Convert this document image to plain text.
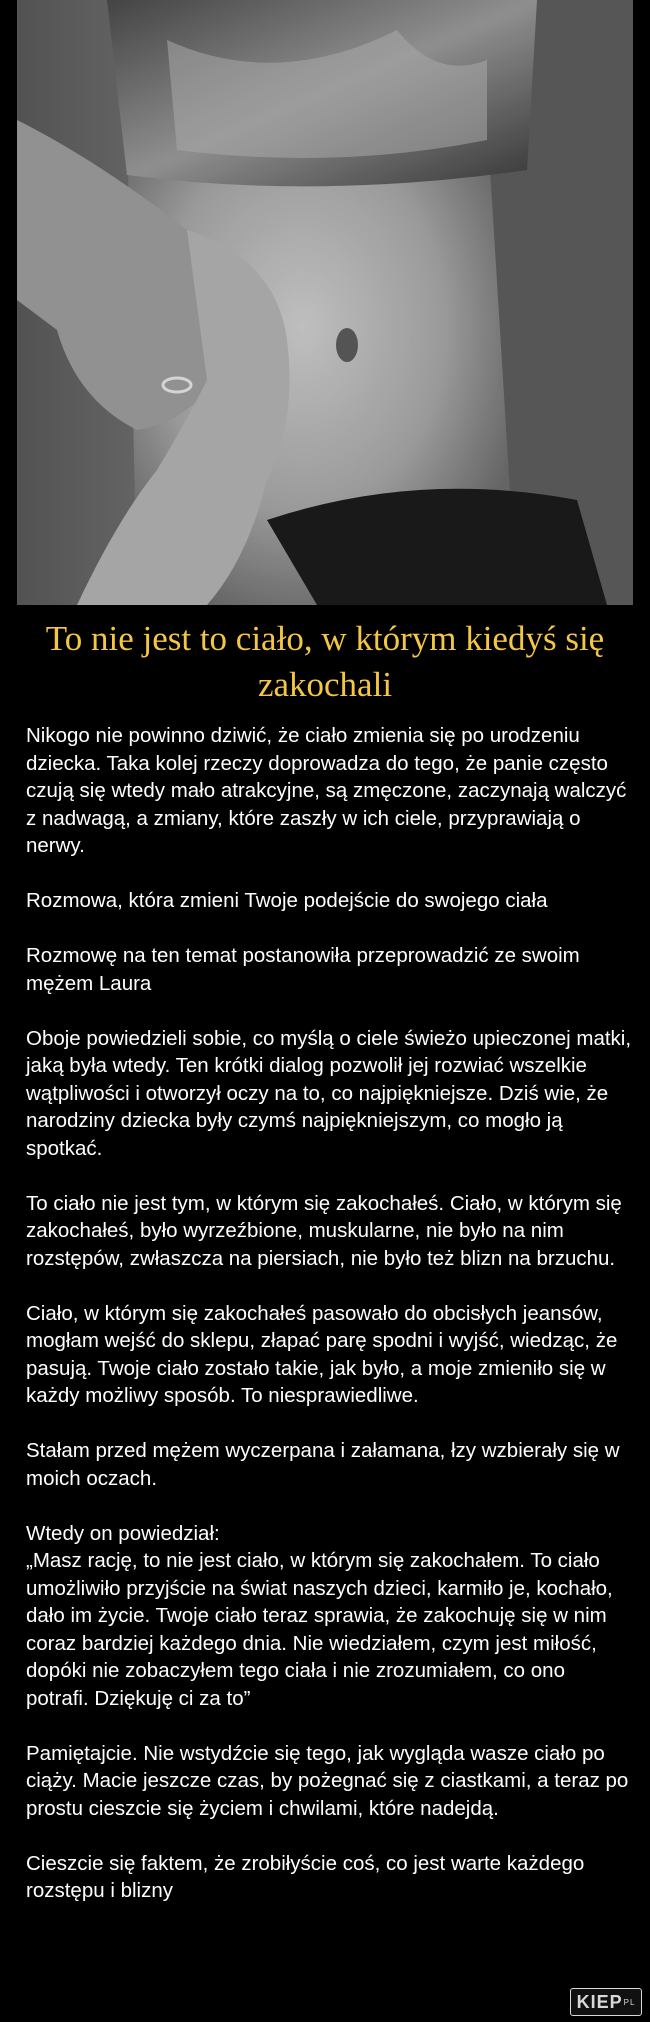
To nie jest to ciało, w którym kiedyś się zakochali

Nikogo nie powinno dziwić, że ciało zmienia się po urodzeniu dziecka. Taka kolej rzeczy doprowadza do tego, że panie często czują się wtedy mało atrakcyjne, są zmęczone, zaczynają walczyć z nadwagą, a zmiany, które zaszły w ich ciele, przyprawiają o nerwy.

Rozmowa, która zmieni Twoje podejście do swojego ciała

Rozmowę na ten temat postanowiła przeprowadzić ze swoim mężem Laura

Oboje powiedzieli sobie, co myślą o ciele świeżo upieczonej matki, jaką była wtedy. Ten krótki dialog pozwolił jej rozwiać wszelkie wątpliwości i otworzył oczy na to, co najpiękniejsze. Dziś wie, że narodziny dziecka były czymś najpiękniejszym, co mogło ją spotkać.

To ciało nie jest tym, w którym się zakochałeś. Ciało, w którym się zakochałeś, było wyrzeźbione, muskularne, nie było na nim rozstępów, zwłaszcza na piersiach, nie było też blizn na brzuchu.

Ciało, w którym się zakochałeś pasowało do obcisłych jeansów, mogłam wejść do sklepu, złapać parę spodni i wyjść, wiedząc, że pasują. Twoje ciało zostało takie, jak było, a moje zmieniło się w każdy możliwy sposób. To niesprawiedliwe.

Stałam przed mężem wyczerpana i załamana, łzy wzbierały się w moich oczach.

Wtedy on powiedział:
„Masz rację, to nie jest ciało, w którym się zakochałem. To ciało umożliwiło przyjście na świat naszych dzieci, karmiło je, kochało, dało im życie. Twoje ciało teraz sprawia, że zakochuję się w nim coraz bardziej każdego dnia. Nie wiedziałem, czym jest miłość, dopóki nie zobaczyłem tego ciała i nie zrozumiałem, co ono potrafi. Dziękuję ci za to”

Pamiętajcie. Nie wstydźcie się tego, jak wygląda wasze ciało po ciąży. Macie jeszcze czas, by pożegnać się z ciastkami, a teraz po prostu cieszcie się życiem i chwilami, które nadejdą.

Cieszcie się faktem, że zrobiłyście coś, co jest warte każdego rozstępu i blizny

KIEP PL
